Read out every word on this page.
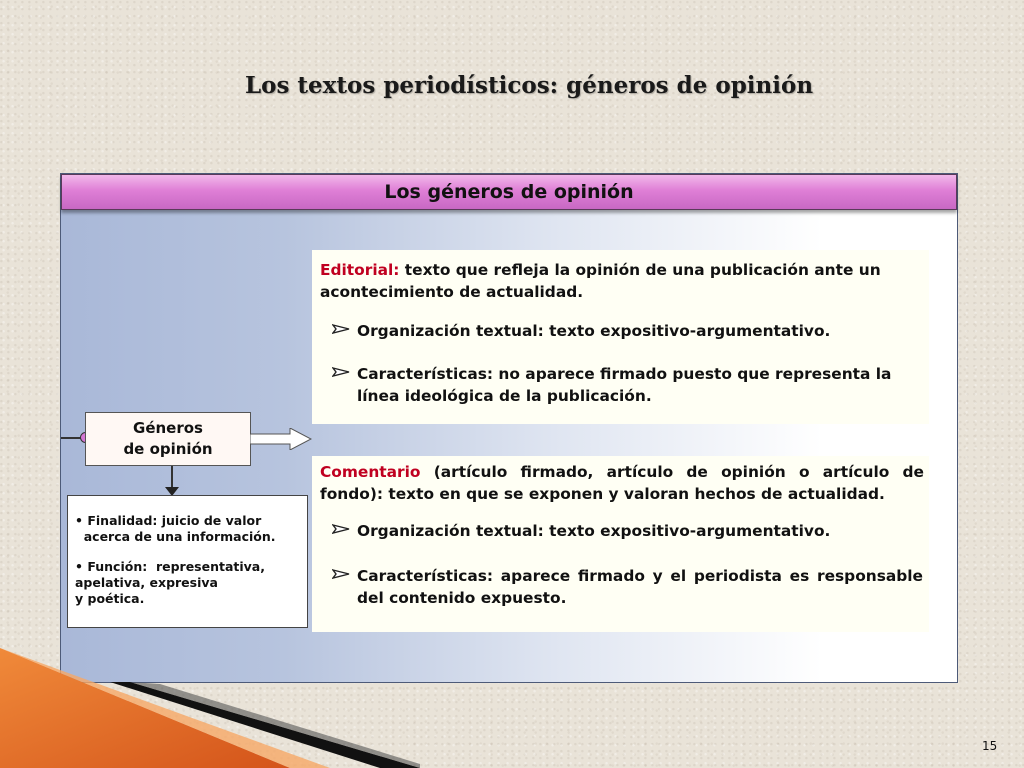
Los textos periodísticos: géneros de opinión
Los géneros de opinión
Géneros
de opinión
• Finalidad: juicio de valor
acerca de una información.
• Función:  representativa,
apelativa, expresiva
y poética.

Editorial: texto que refleja la opinión de una publicación ante un acontecimiento de actualidad.

Organización textual: texto expositivo-argumentativo.
Características: no aparece firmado puesto que representa la línea ideológica de la publicación.

Comentario (artículo firmado, artículo de opinión o artículo de fondo): texto en que se exponen y valoran hechos de actualidad.

Organización textual: texto expositivo-argumentativo.
Características: aparece firmado y el periodista es responsable del contenido expuesto.
15
